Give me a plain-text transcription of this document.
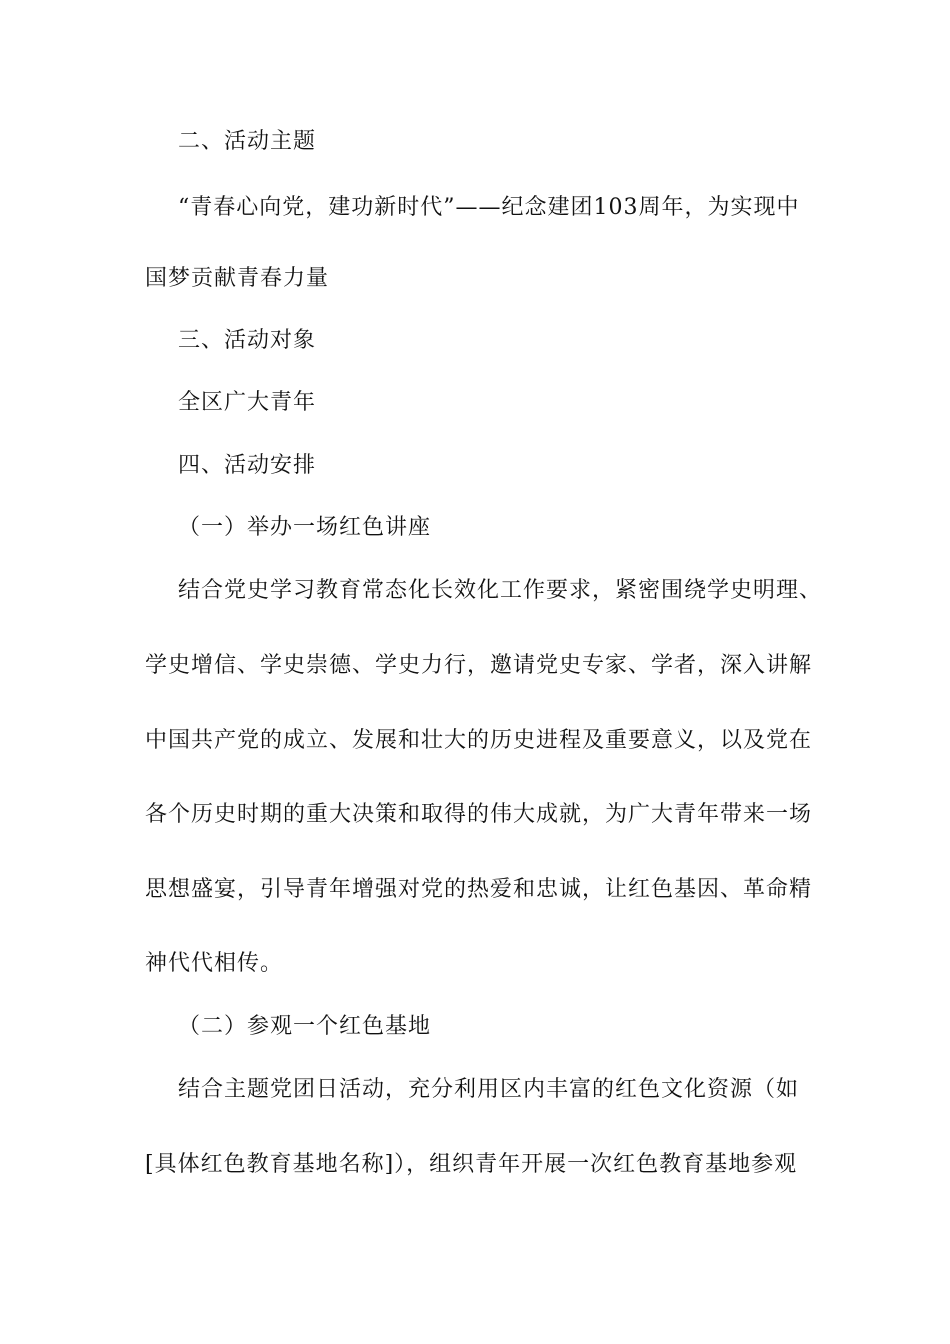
二、活动主题
“青春心向党，建功新时代”——纪念建团103周年，为实现中
国梦贡献青春力量
三、活动对象
全区广大青年
四、活动安排
（一）举办一场红色讲座
结合党史学习教育常态化长效化工作要求，紧密围绕学史明理、
学史增信、学史崇德、学史力行，邀请党史专家、学者，深入讲解
中国共产党的成立、发展和壮大的历史进程及重要意义，以及党在
各个历史时期的重大决策和取得的伟大成就，为广大青年带来一场
思想盛宴，引导青年增强对党的热爱和忠诚，让红色基因、革命精
神代代相传。
（二）参观一个红色基地
结合主题党团日活动，充分利用区内丰富的红色文化资源（如
[具体红色教育基地名称]），组织青年开展一次红色教育基地参观
